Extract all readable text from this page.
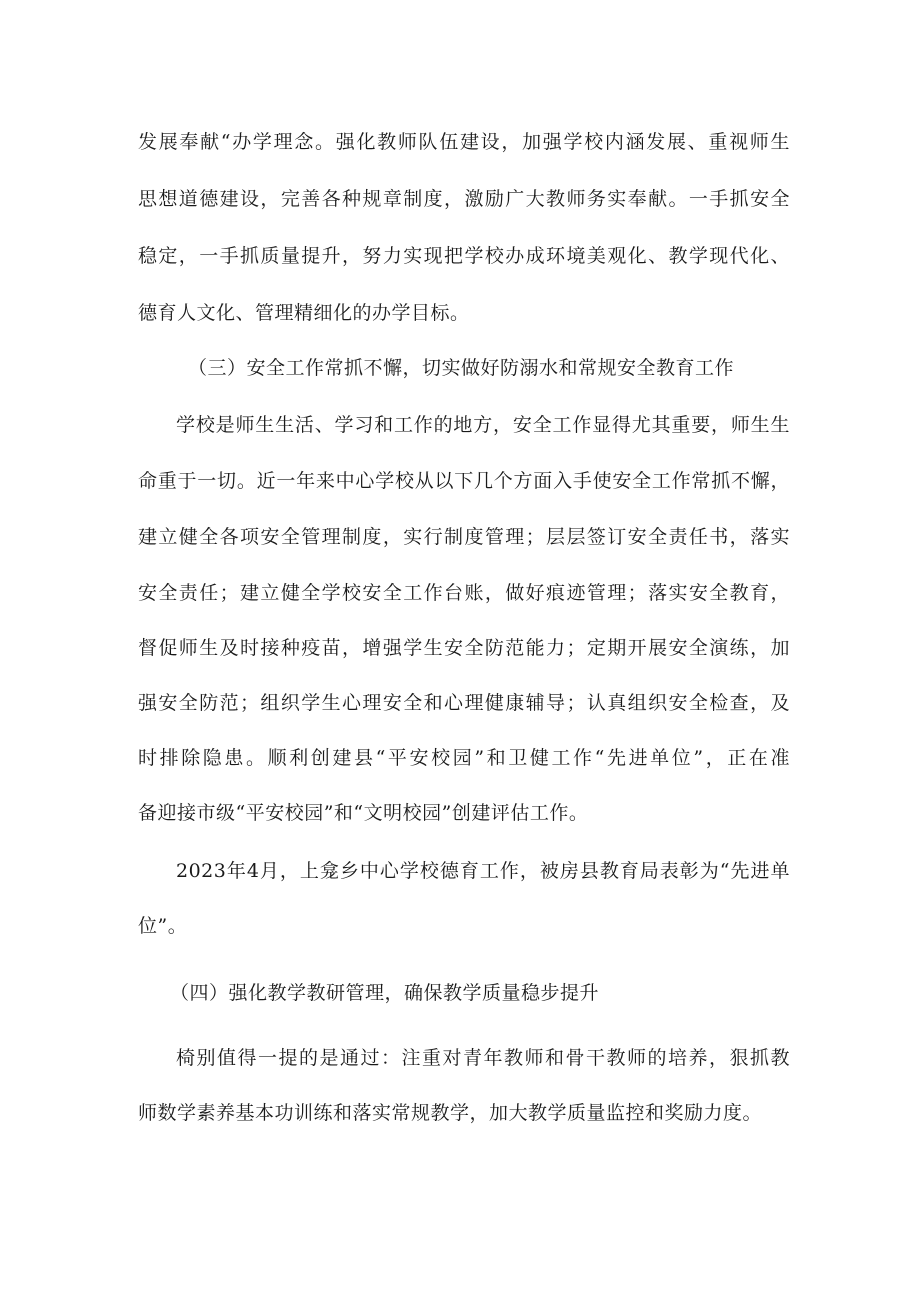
发展奉献“办学理念。强化教师队伍建设，加强学校内涵发展、重视师生
思想道德建设，完善各种规章制度，激励广大教师务实奉献。一手抓安全
稳定，一手抓质量提升，努力实现把学校办成环境美观化、教学现代化、
德育人文化、管理精细化的办学目标。
（三）安全工作常抓不懈，切实做好防溺水和常规安全教育工作
学校是师生生活、学习和工作的地方，安全工作显得尤其重要，师生生
命重于一切。近一年来中心学校从以下几个方面入手使安全工作常抓不懈，
建立健全各项安全管理制度，实行制度管理；层层签订安全责任书，落实
安全责任；建立健全学校安全工作台账，做好痕迹管理；落实安全教育，
督促师生及时接种疫苗，增强学生安全防范能力；定期开展安全演练，加
强安全防范；组织学生心理安全和心理健康辅导；认真组织安全检查，及
时排除隐患。顺利创建县“平安校园”和卫健工作“先进单位”，正在准
备迎接市级“平安校园”和“文明校园”创建评估工作。
2023年4月，上龛乡中心学校德育工作，被房县教育局表彰为“先进单
位”。
（四）强化教学教研管理，确保教学质量稳步提升
椅别值得一提的是通过：注重对青年教师和骨干教师的培养，狠抓教
师数学素养基本功训练和落实常规教学，加大教学质量监控和奖励力度。
